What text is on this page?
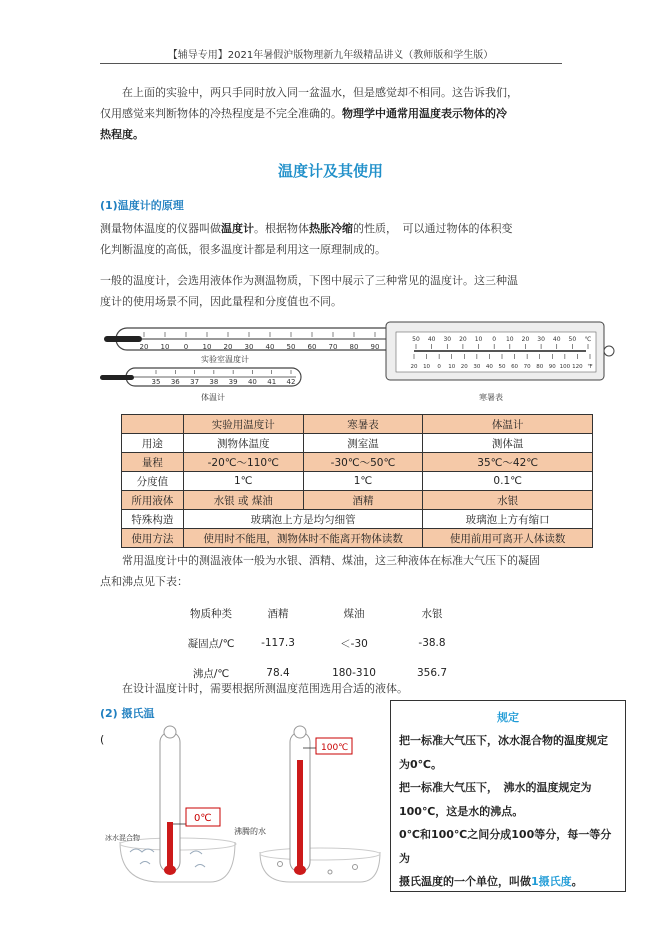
【辅导专用】2021年暑假沪版物理新九年级精品讲义（教师版和学生版）
在上面的实验中，两只手同时放入同一盆温水，但是感觉却不相同。这告诉我们，
仅用感觉来判断物体的冷热程度是不完全准确的。物理学中通常用温度表示物体的冷
热程度。
温度计及其使用
(1)温度计的原理
测量物体温度的仪器叫做温度计。根据物体热胀冷缩的性质，　可以通过物体的体积变
化判断温度的高低，很多温度计都是利用这一原理制成的。
一般的温度计，会选用液体作为测温物质，下图中展示了三种常见的温度计。这三种温
度计的使用场景不同，因此量程和分度值也不同。
20 10 0 10 20 30 40 50 60 70 80 90
实验室温度计
35 36 37 38 39 40 41 42
体温计
50 40 30 20 10 0 10 20 30 40 50 ℃
20 10 0 10 20 30 40 50 60 70 80 90 100 120 ℉
寒暑表
	实验用温度计	寒暑表	体温计
用途	测物体温度	测室温	测体温
量程	-20℃～110℃	-30℃～50℃	35℃～42℃
分度值	1℃	1℃	0.1℃
所用液体	水银 或 煤油	酒精	水银
特殊构造	玻璃泡上方是均匀细管		玻璃泡上方有缩口
使用方法	使用时不能甩，测物体时不能离开物体读数		使用前用可离开人体读数
常用温度计中的测温液体一般为水银、酒精、煤油，这三种液体在标准大气压下的凝固
点和沸点见下表：
物质种类	酒精	煤油	水银
凝固点/℃	-117.3	＜-30	-38.8
沸点/℃	78.4	180-310	356.7
在设计温度计时，需要根据所测温度范围选用合适的液体。
(2) 摄氏温
(
0℃
冰水混合物
100℃
沸腾的水
规定
把一标准大气压下，冰水混合物的温度规定
为0℃。
把一标准大气压下，　沸水的温度规定为
100℃，这是水的沸点。
0℃和100℃之间分成100等分，每一等分为
摄氏温度的一个单位，叫做1摄氏度。
